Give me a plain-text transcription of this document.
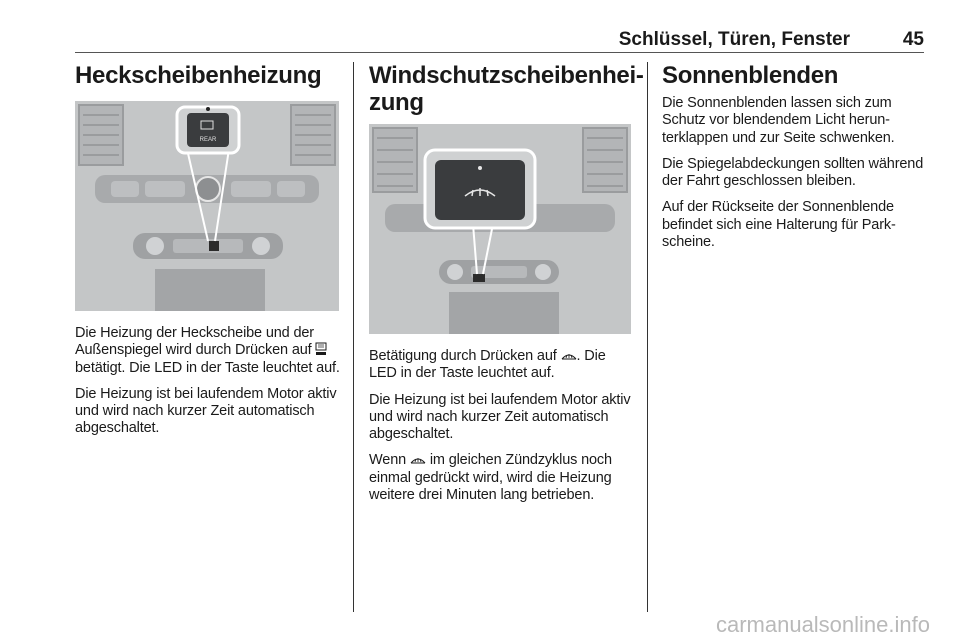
Schlüssel, Türen, Fenster	45
Heckscheibenheizung
REAR

Die Heizung der Heckscheibe und der Außenspiegel wird durch Drücken auf  betätigt. Die LED in der Taste leuchtet auf.

Die Heizung ist bei laufendem Motor aktiv und wird nach kurzer Zeit automatisch abgeschaltet.

Windschutzscheibenheizung

Betätigung durch Drücken auf . Die LED in der Taste leuchtet auf.

Die Heizung ist bei laufendem Motor aktiv und wird nach kurzer Zeit automatisch abgeschaltet.

Wenn im gleichen Zündzyklus noch einmal gedrückt wird, wird die Heizung weitere drei Minuten lang betrieben.

Sonnenblenden

Die Sonnenblenden lassen sich zum Schutz vor blendendem Licht herunterklappen und zur Seite schwenken.

Die Spiegelabdeckungen sollten während der Fahrt geschlossen bleiben.

Auf der Rückseite der Sonnenblende befindet sich eine Halterung für Parkscheine.

carmanualsonline.info
